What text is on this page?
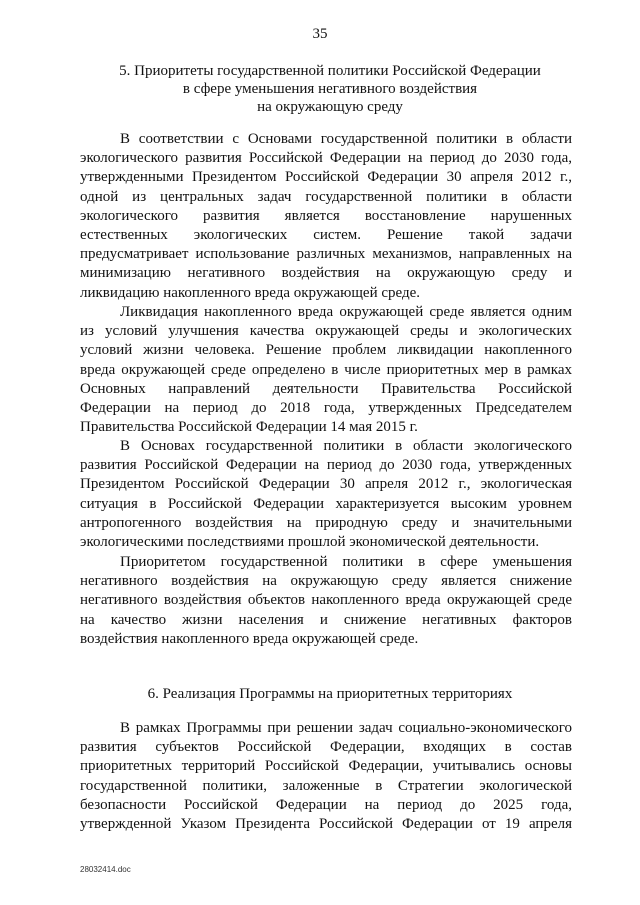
35
5. Приоритеты государственной политики Российской Федерации
в сфере уменьшения негативного воздействия
на окружающую среду
В соответствии с Основами государственной политики в области
экологического развития Российской Федерации на период до 2030 года,
утвержденными Президентом Российской Федерации 30 апреля 2012 г.,
одной из центральных задач государственной политики в области
экологического развития является восстановление нарушенных
естественных экологических систем. Решение такой задачи
предусматривает использование различных механизмов, направленных на
минимизацию негативного воздействия на окружающую среду и
ликвидацию накопленного вреда окружающей среде.
Ликвидация накопленного вреда окружающей среде является одним
из условий улучшения качества окружающей среды и экологических
условий жизни человека. Решение проблем ликвидации накопленного
вреда окружающей среде определено в числе приоритетных мер в рамках
Основных направлений деятельности Правительства Российской
Федерации на период до 2018 года, утвержденных Председателем
Правительства Российской Федерации 14 мая 2015 г.
В Основах государственной политики в области экологического
развития Российской Федерации на период до 2030 года, утвержденных
Президентом Российской Федерации 30 апреля 2012 г., экологическая
ситуация в Российской Федерации характеризуется высоким уровнем
антропогенного воздействия на природную среду и значительными
экологическими последствиями прошлой экономической деятельности.
Приоритетом государственной политики в сфере уменьшения
негативного воздействия на окружающую среду является снижение
негативного воздействия объектов накопленного вреда окружающей среде
на качество жизни населения и снижение негативных факторов
воздействия накопленного вреда окружающей среде.
6. Реализация Программы на приоритетных территориях
В рамках Программы при решении задач социально-экономического
развития субъектов Российской Федерации, входящих в состав
приоритетных территорий Российской Федерации, учитывались основы
государственной политики, заложенные в Стратегии экологической
безопасности Российской Федерации на период до 2025 года,
утвержденной Указом Президента Российской Федерации от 19 апреля
28032414.doc
